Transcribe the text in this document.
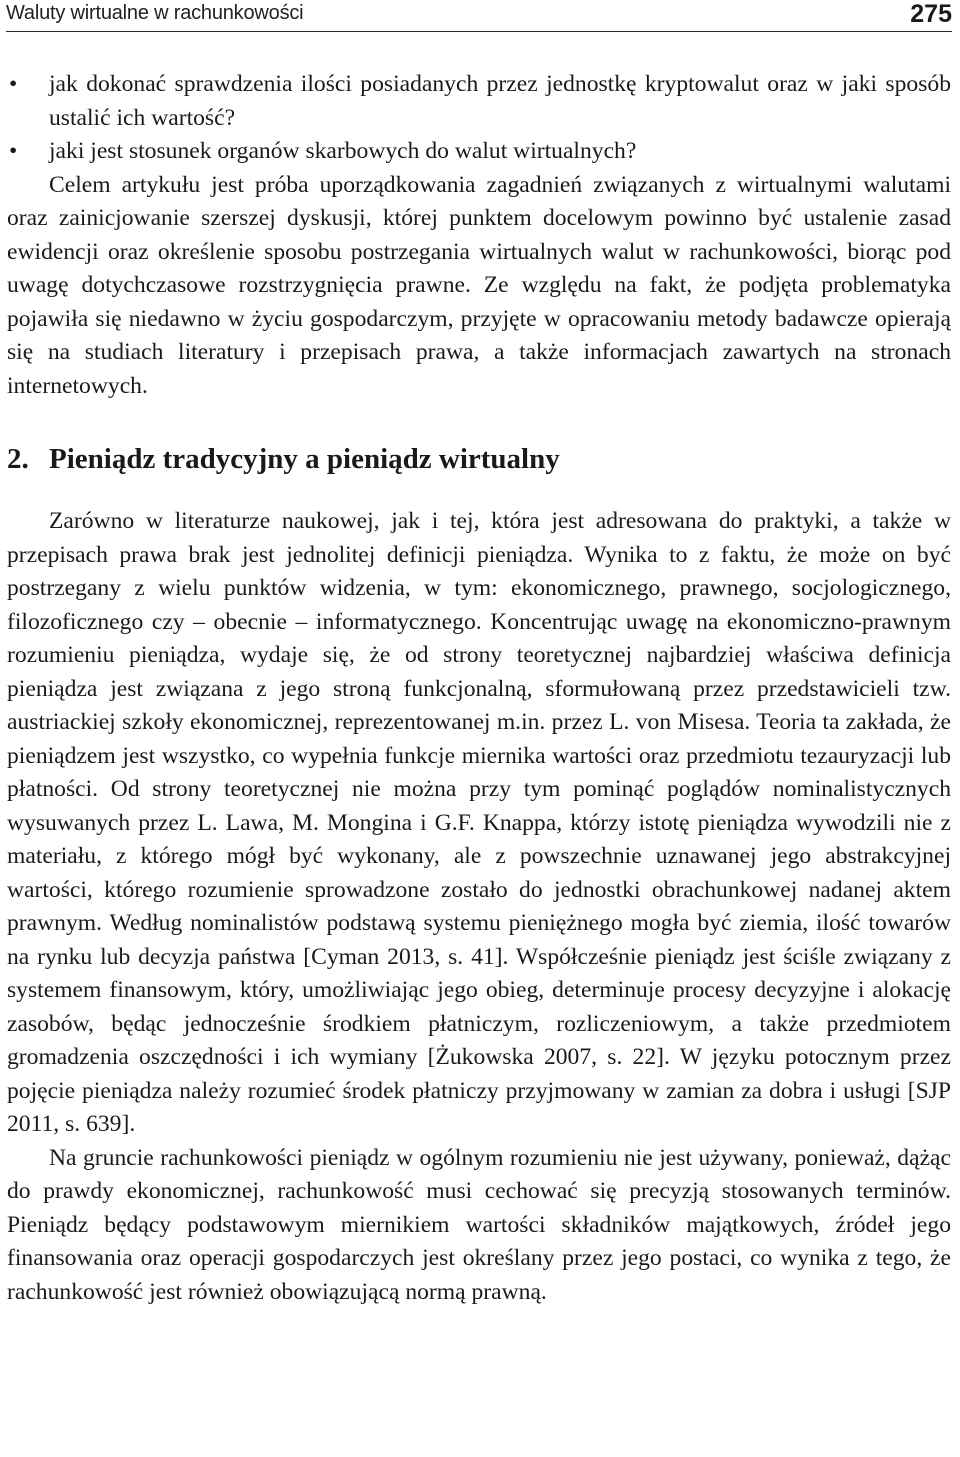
Waluty wirtualne w rachunkowości	275
• jak dokonać sprawdzenia ilości posiadanych przez jednostkę kryptowalut oraz w jaki sposób ustalić ich wartość?
• jaki jest stosunek organów skarbowych do walut wirtualnych?

Celem artykułu jest próba uporządkowania zagadnień związanych z wirtualnymi walutami oraz zainicjowanie szerszej dyskusji, której punktem docelowym powinno być ustalenie zasad ewidencji oraz określenie sposobu postrzegania wirtualnych walut w rachunkowości, biorąc pod uwagę dotychczasowe rozstrzygnięcia prawne. Ze względu na fakt, że podjęta problematyka pojawiła się niedawno w życiu gospodarczym, przyjęte w opracowaniu metody badawcze opierają się na studiach literatury i przepisach prawa, a także informacjach zawartych na stronach internetowych.

2. Pieniądz tradycyjny a pieniądz wirtualny

Zarówno w literaturze naukowej, jak i tej, która jest adresowana do praktyki, a także w przepisach prawa brak jest jednolitej definicji pieniądza. Wynika to z faktu, że może on być postrzegany z wielu punktów widzenia, w tym: ekonomicznego, prawnego, socjologicznego, filozoficznego czy – obecnie – informatycznego. Koncentrując uwagę na ekonomiczno-prawnym rozumieniu pieniądza, wydaje się, że od strony teoretycznej najbardziej właściwa definicja pieniądza jest związana z jego stroną funkcjonalną, sformułowaną przez przedstawicieli tzw. austriackiej szkoły ekonomicznej, reprezentowanej m.in. przez L. von Misesa. Teoria ta zakłada, że pieniądzem jest wszystko, co wypełnia funkcje miernika wartości oraz przedmiotu tezauryzacji lub płatności. Od strony teoretycznej nie można przy tym pominąć poglądów nominalistycznych wysuwanych przez L. Lawa, M. Mongina i G.F. Knappa, którzy istotę pieniądza wywodzili nie z materiału, z którego mógł być wykonany, ale z powszechnie uznawanej jego abstrakcyjnej wartości, którego rozumienie sprowadzone zostało do jednostki obrachunkowej nadanej aktem prawnym. Według nominalistów podstawą systemu pieniężnego mogła być ziemia, ilość towarów na rynku lub decyzja państwa [Cyman 2013, s. 41]. Współcześnie pieniądz jest ściśle związany z systemem finansowym, który, umożliwiając jego obieg, determinuje procesy decyzyjne i alokację zasobów, będąc jednocześnie środkiem płatniczym, rozliczeniowym, a także przedmiotem gromadzenia oszczędności i ich wymiany [Żukowska 2007, s. 22]. W języku potocznym przez pojęcie pieniądza należy rozumieć środek płatniczy przyjmowany w zamian za dobra i usługi [SJP 2011, s. 639].

Na gruncie rachunkowości pieniądz w ogólnym rozumieniu nie jest używany, ponieważ, dążąc do prawdy ekonomicznej, rachunkowość musi cechować się precyzją stosowanych terminów. Pieniądz będący podstawowym miernikiem wartości składników majątkowych, źródeł jego finansowania oraz operacji gospodarczych jest określany przez jego postaci, co wynika z tego, że rachunkowość jest również obowiązującą normą prawną.
